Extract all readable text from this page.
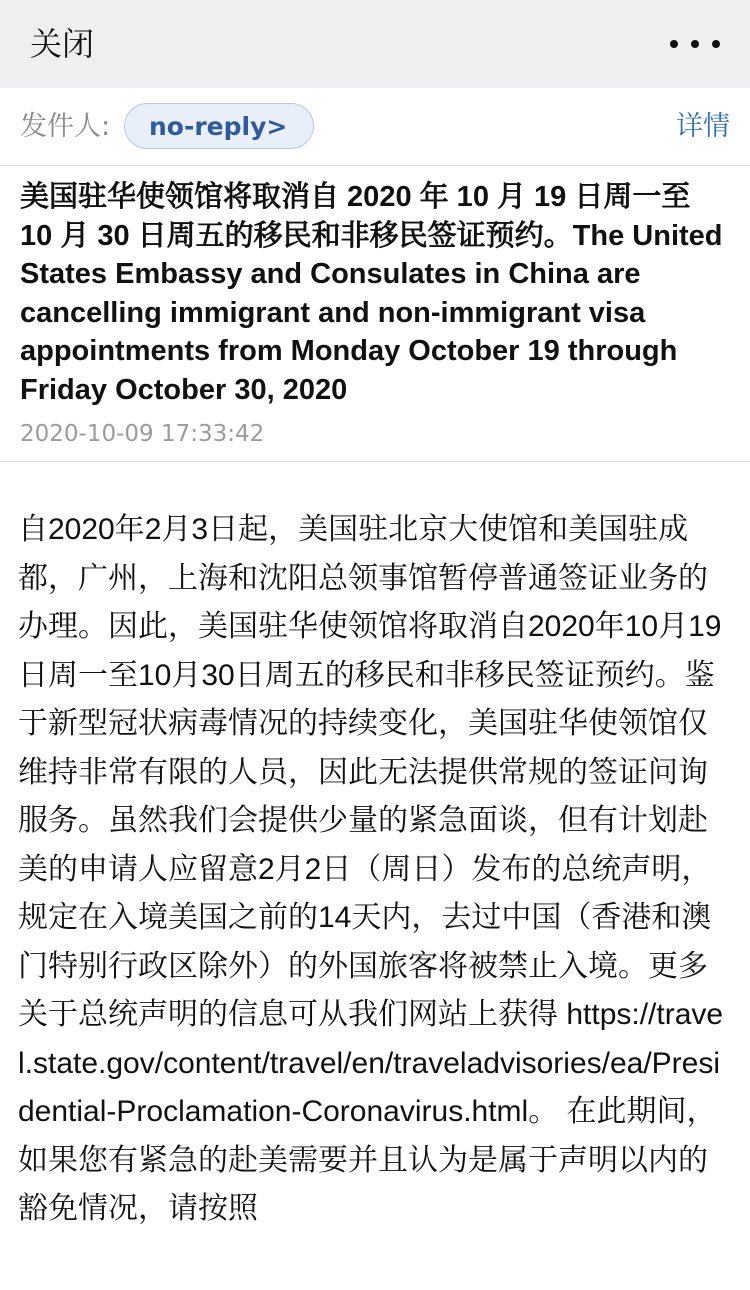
关闭
发件人:	no-reply>	详情
美国驻华使领馆将取消自 2020 年 10 月 19 日周一至 10 月 30 日周五的移民和非移民签证预约。The United States Embassy and Consulates in China are cancelling immigrant and non-immigrant visa appointments from Monday October 19 through Friday October 30, 2020
2020-10-09 17:33:42

自2020年2月3日起，美国驻北京大使馆和美国驻成都，广州，上海和沈阳总领事馆暂停普通签证业务的办理。因此，美国驻华使领馆将取消自2020年10月19日周一至10月30日周五的移民和非移民签证预约。鉴于新型冠状病毒情况的持续变化，美国驻华使领馆仅维持非常有限的人员，因此无法提供常规的签证问询服务。虽然我们会提供少量的紧急面谈，但有计划赴美的申请人应留意2月2日（周日）发布的总统声明，规定在入境美国之前的14天内，去过中国（香港和澳门特别行政区除外）的外国旅客将被禁止入境。更多关于总统声明的信息可从我们网站上获得 https://travel.state.gov/content/travel/en/traveladvisories/ea/Presidential-Proclamation-Coronavirus.html。 在此期间，如果您有紧急的赴美需要并且认为是属于声明以内的豁免情况，请按照
